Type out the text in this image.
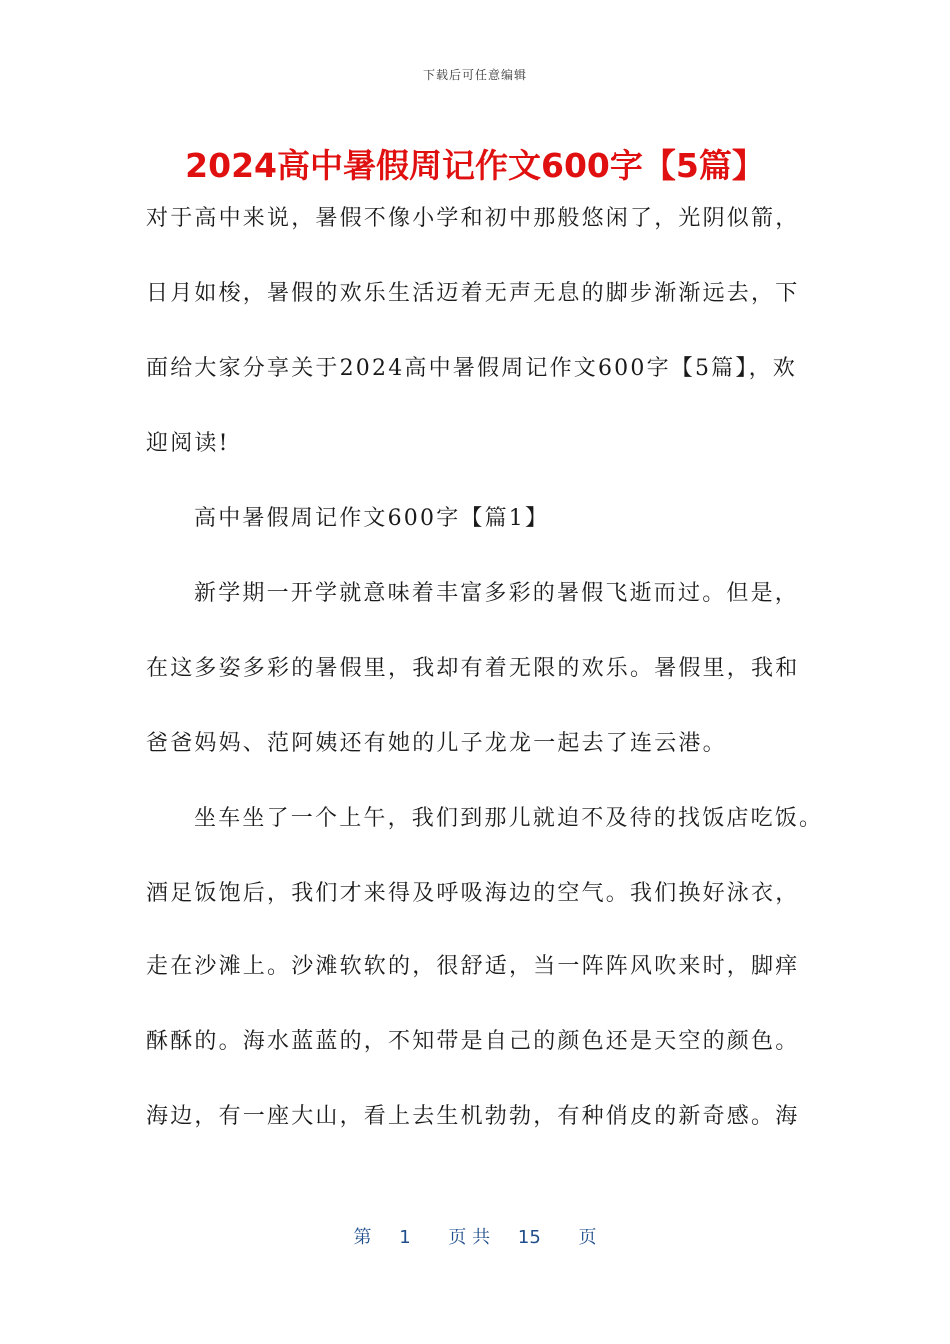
下载后可任意编辑
2024高中暑假周记作文600字【5篇】
对于高中来说，暑假不像小学和初中那般悠闲了，光阴似箭，
日月如梭，暑假的欢乐生活迈着无声无息的脚步渐渐远去，下
面给大家分享关于2024高中暑假周记作文600字【5篇】，欢
迎阅读!
高中暑假周记作文600字【篇1】
新学期一开学就意味着丰富多彩的暑假飞逝而过。但是，
在这多姿多彩的暑假里，我却有着无限的欢乐。暑假里，我和
爸爸妈妈、范阿姨还有她的儿子龙龙一起去了连云港。
坐车坐了一个上午，我们到那儿就迫不及待的找饭店吃饭。
酒足饭饱后，我们才来得及呼吸海边的空气。我们换好泳衣，
走在沙滩上。沙滩软软的，很舒适，当一阵阵风吹来时，脚痒
酥酥的。海水蓝蓝的，不知带是自己的颜色还是天空的颜色。
海边，有一座大山，看上去生机勃勃，有种俏皮的新奇感。海
第 1 页 共 15 页
